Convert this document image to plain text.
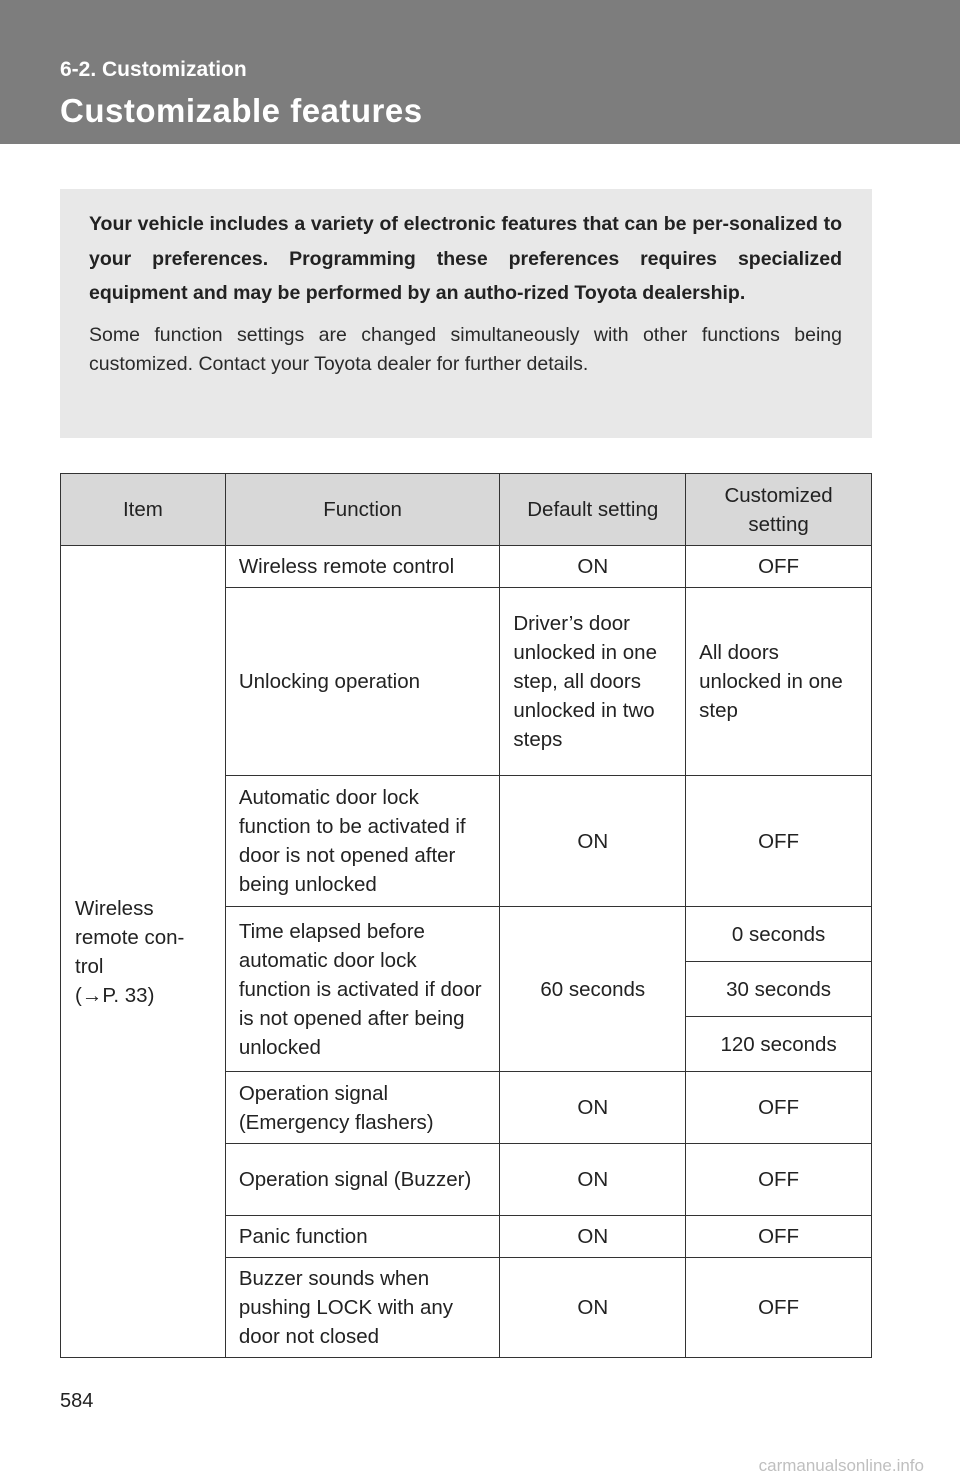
6-2. Customization
Customizable features

Your vehicle includes a variety of electronic features that can be per-sonalized to your preferences. Programming these preferences requires specialized equipment and may be performed by an autho-rized Toyota dealership.

Some function settings are changed simultaneously with other functions being customized. Contact your Toyota dealer for further details.

Item	Function	Default setting	Customized setting
Wireless remote con-trol
(→P. 33)	Wireless remote control	ON	OFF
	Unlocking operation	Driver’s door unlocked in one step, all doors unlocked in two steps	All doors unlocked in one step
	Automatic door lock function to be activated if door is not opened after being unlocked	ON	OFF
	Time elapsed before automatic door lock function is activated if door is not opened after being unlocked	60 seconds	0 seconds
			30 seconds
			120 seconds
	Operation signal (Emergency flashers)	ON	OFF
	Operation signal (Buzzer)	ON	OFF
	Panic function	ON	OFF
	Buzzer sounds when pushing LOCK with any door not closed	ON	OFF
584
carmanualsonline.info
